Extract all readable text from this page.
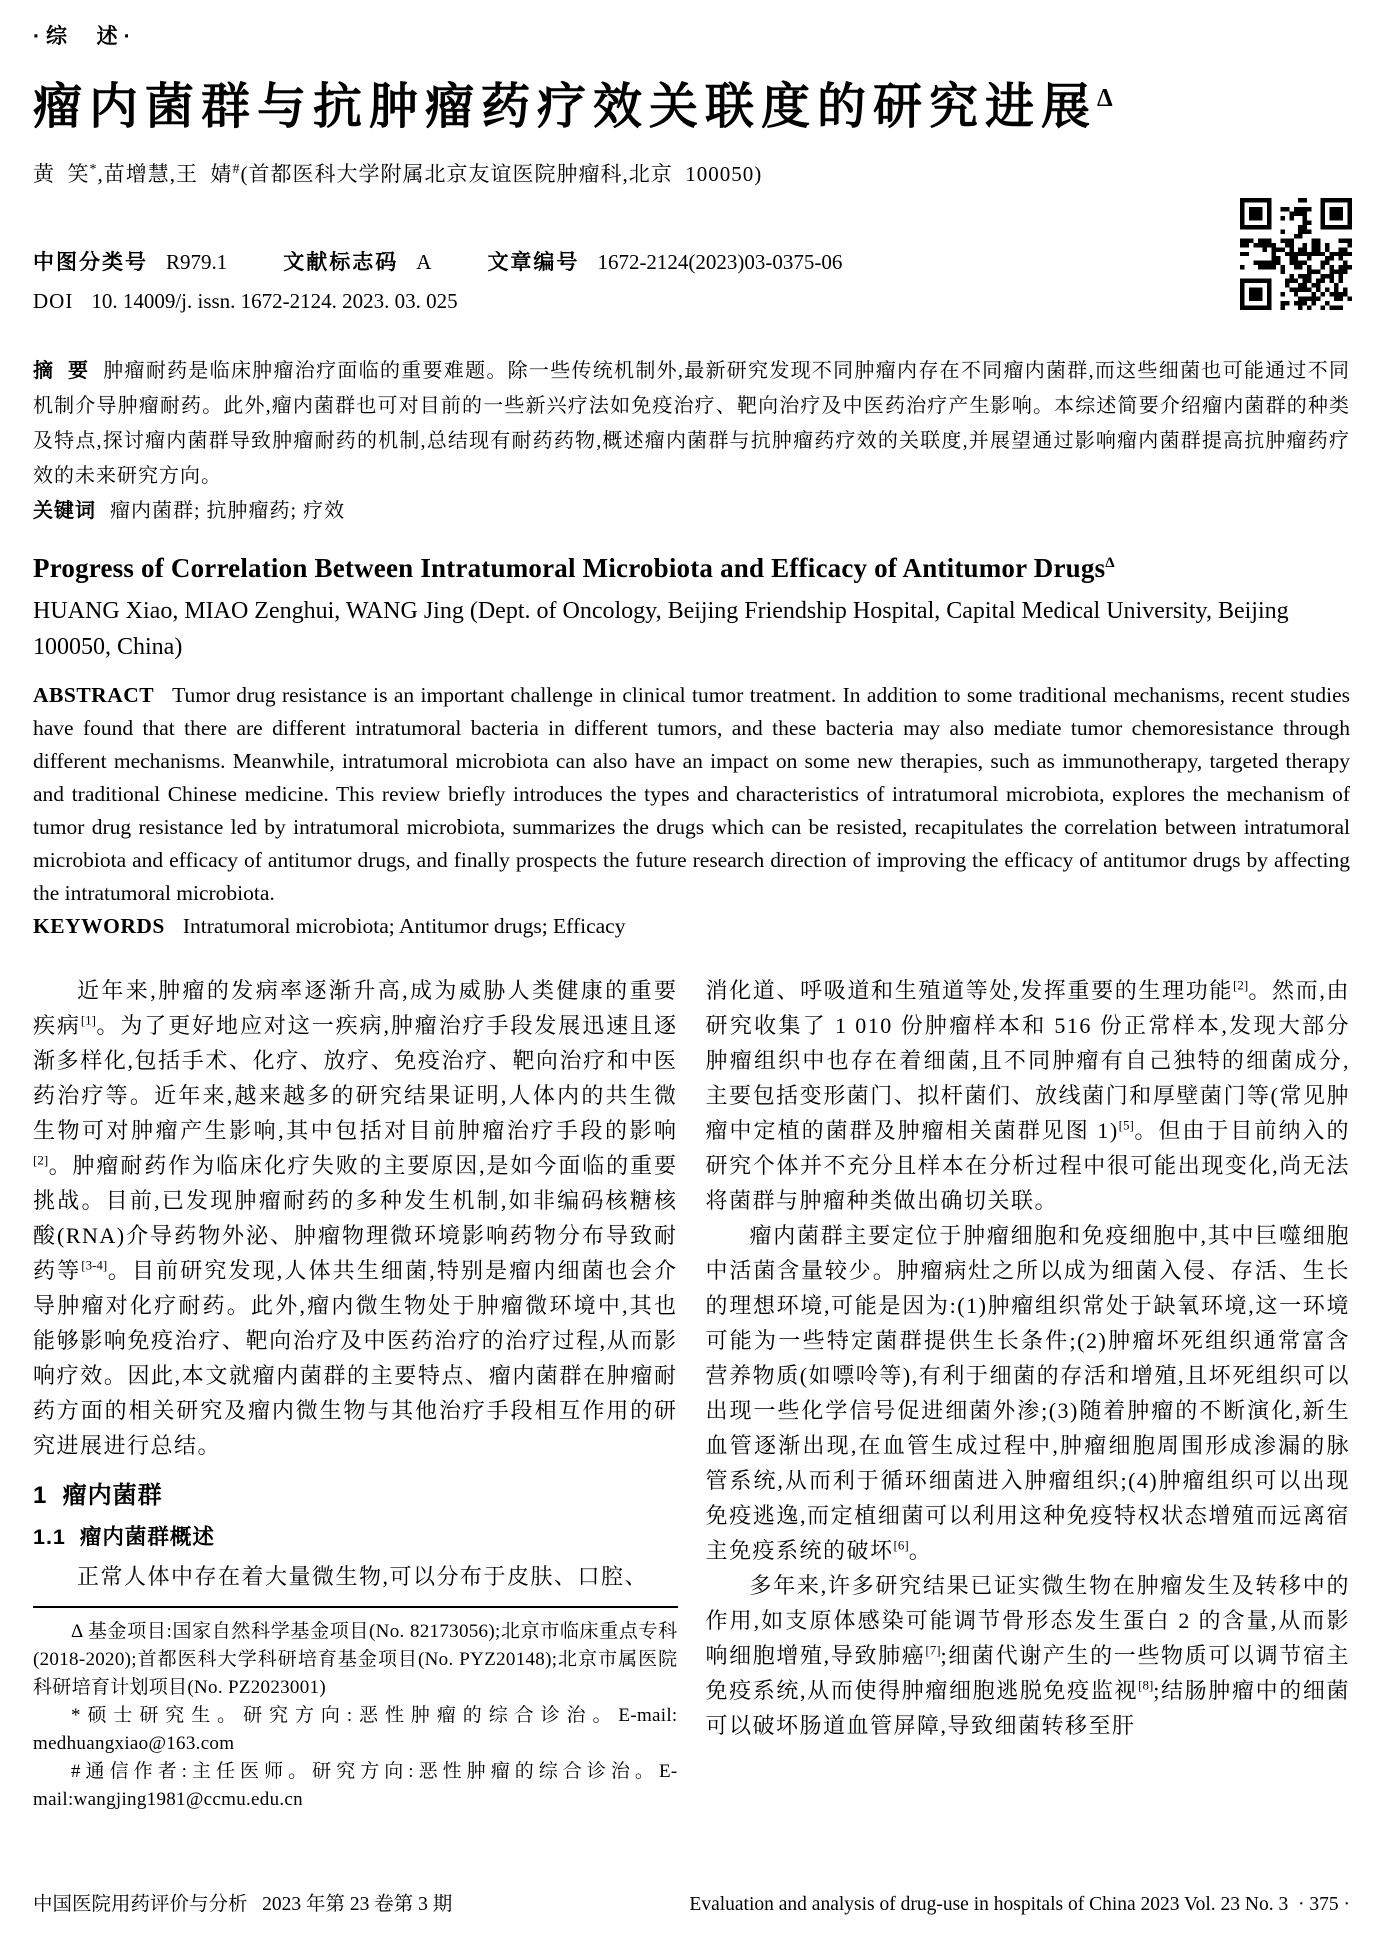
·综  述·
瘤内菌群与抗肿瘤药疗效关联度的研究进展$^\Delta$
黄  笑*,苗增慧,王  婧#(首都医科大学附属北京友谊医院肿瘤科,北京  100050)
中图分类号 R979.1	文献标志码 A	文章编号 1672-2124(2023)03-0375-06
DOI 10. 14009/j. issn. 1672-2124. 2023. 03. 025

摘  要 肿瘤耐药是临床肿瘤治疗面临的重要难题。除一些传统机制外,最新研究发现不同肿瘤内存在不同瘤内菌群,而这些细菌也可能通过不同机制介导肿瘤耐药。此外,瘤内菌群也可对目前的一些新兴疗法如免疫治疗、靶向治疗及中医药治疗产生影响。本综述简要介绍瘤内菌群的种类及特点,探讨瘤内菌群导致肿瘤耐药的机制,总结现有耐药药物,概述瘤内菌群与抗肿瘤药疗效的关联度,并展望通过影响瘤内菌群提高抗肿瘤药疗效的未来研究方向。

关键词 瘤内菌群; 抗肿瘤药; 疗效

Progress of Correlation Between Intratumoral Microbiota and Efficacy of Antitumor Drugs$^\Delta$
HUANG Xiao, MIAO Zenghui, WANG Jing (Dept. of Oncology, Beijing Friendship Hospital, Capital Medical University, Beijing 100050, China)

ABSTRACT Tumor drug resistance is an important challenge in clinical tumor treatment. In addition to some traditional mechanisms, recent studies have found that there are different intratumoral bacteria in different tumors, and these bacteria may also mediate tumor chemoresistance through different mechanisms. Meanwhile, intratumoral microbiota can also have an impact on some new therapies, such as immunotherapy, targeted therapy and traditional Chinese medicine. This review briefly introduces the types and characteristics of intratumoral microbiota, explores the mechanism of tumor drug resistance led by intratumoral microbiota, summarizes the drugs which can be resisted, recapitulates the correlation between intratumoral microbiota and efficacy of antitumor drugs, and finally prospects the future research direction of improving the efficacy of antitumor drugs by affecting the intratumoral microbiota.

KEYWORDS Intratumoral microbiota; Antitumor drugs; Efficacy

近年来,肿瘤的发病率逐渐升高,成为威胁人类健康的重要疾病[1]。为了更好地应对这一疾病,肿瘤治疗手段发展迅速且逐渐多样化,包括手术、化疗、放疗、免疫治疗、靶向治疗和中医药治疗等。近年来,越来越多的研究结果证明,人体内的共生微生物可对肿瘤产生影响,其中包括对目前肿瘤治疗手段的影响[2]。肿瘤耐药作为临床化疗失败的主要原因,是如今面临的重要挑战。目前,已发现肿瘤耐药的多种发生机制,如非编码核糖核酸(RNA)介导药物外泌、肿瘤物理微环境影响药物分布导致耐药等[3-4]。目前研究发现,人体共生细菌,特别是瘤内细菌也会介导肿瘤对化疗耐药。此外,瘤内微生物处于肿瘤微环境中,其也能够影响免疫治疗、靶向治疗及中医药治疗的治疗过程,从而影响疗效。因此,本文就瘤内菌群的主要特点、瘤内菌群在肿瘤耐药方面的相关研究及瘤内微生物与其他治疗手段相互作用的研究进展进行总结。

1  瘤内菌群
1.1  瘤内菌群概述

正常人体中存在着大量微生物,可以分布于皮肤、口腔、

Δ 基金项目:国家自然科学基金项目(No. 82173056);北京市临床重点专科(2018-2020);首都医科大学科研培育基金项目(No. PYZ20148);北京市属医院科研培育计划项目(No. PZ2023001)

*硕士研究生。研究方向:恶性肿瘤的综合诊治。E-mail: medhuangxiao@163.com

#通信作者:主任医师。研究方向:恶性肿瘤的综合诊治。E-mail:wangjing1981@ccmu.edu.cn

消化道、呼吸道和生殖道等处,发挥重要的生理功能[2]。然而,由研究收集了 1 010 份肿瘤样本和 516 份正常样本,发现大部分肿瘤组织中也存在着细菌,且不同肿瘤有自己独特的细菌成分,主要包括变形菌门、拟杆菌们、放线菌门和厚壁菌门等(常见肿瘤中定植的菌群及肿瘤相关菌群见图 1)[5]。但由于目前纳入的研究个体并不充分且样本在分析过程中很可能出现变化,尚无法将菌群与肿瘤种类做出确切关联。

瘤内菌群主要定位于肿瘤细胞和免疫细胞中,其中巨噬细胞中活菌含量较少。肿瘤病灶之所以成为细菌入侵、存活、生长的理想环境,可能是因为:(1)肿瘤组织常处于缺氧环境,这一环境可能为一些特定菌群提供生长条件;(2)肿瘤坏死组织通常富含营养物质(如嘌呤等),有利于细菌的存活和增殖,且坏死组织可以出现一些化学信号促进细菌外渗;(3)随着肿瘤的不断演化,新生血管逐渐出现,在血管生成过程中,肿瘤细胞周围形成渗漏的脉管系统,从而利于循环细菌进入肿瘤组织;(4)肿瘤组织可以出现免疫逃逸,而定植细菌可以利用这种免疫特权状态增殖而远离宿主免疫系统的破坏[6]。

多年来,许多研究结果已证实微生物在肿瘤发生及转移中的作用,如支原体感染可能调节骨形态发生蛋白 2 的含量,从而影响细胞增殖,导致肺癌[7];细菌代谢产生的一些物质可以调节宿主免疫系统,从而使得肿瘤细胞逃脱免疫监视[8];结肠肿瘤中的细菌可以破坏肠道血管屏障,导致细菌转移至肝

中国医院用药评价与分析   2023 年第 23 卷第 3 期	Evaluation and analysis of drug-use in hospitals of China 2023 Vol. 23 No. 3  · 375 ·
